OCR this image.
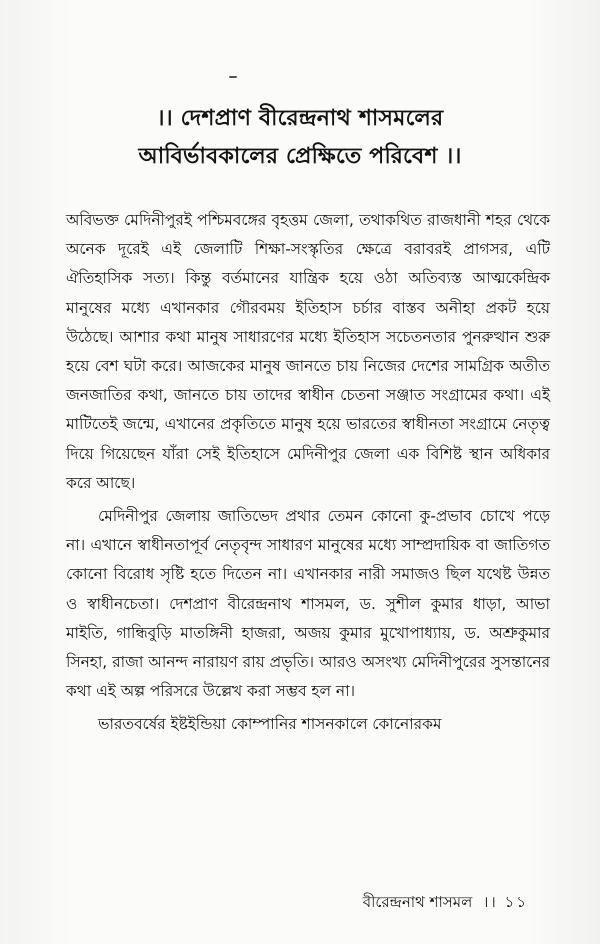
।। দেশপ্রাণ বীরেন্দ্রনাথ শাসমলের
আবির্ভাবকালের প্রেক্ষিতে পরিবেশ ।।

অবিভক্ত মেদিনীপুরই পশ্চিমবঙ্গের বৃহত্তম জেলা, তথাকথিত রাজধানী শহর থেকে অনেক দূরেই এই জেলাটি শিক্ষা-সংস্কৃতির ক্ষেত্রে বরাবরই প্রাগসর, এটি ঐতিহাসিক সত্য। কিন্তু বর্তমানের যান্ত্রিক হয়ে ওঠা অতিব্যস্ত আত্মকেন্দ্রিক মানুষের মধ্যে এখানকার গৌরবময় ইতিহাস চর্চার বাস্তব অনীহা প্রকট হয়ে উঠেছে। আশার কথা মানুষ সাধারণের মধ্যে ইতিহাস সচেতনতার পুনরুত্থান শুরু হয়ে বেশ ঘটা করে। আজকের মানুষ জানতে চায় নিজের দেশের সামগ্রিক অতীত জনজাতির কথা, জানতে চায় তাদের স্বাধীন চেতনা সঞ্জাত সংগ্রামের কথা। এই মাটিতেই জন্মে, এখানের প্রকৃতিতে মানুষ হয়ে ভারতের স্বাধীনতা সংগ্রামে নেতৃত্ব দিয়ে গিয়েছেন যাঁরা সেই ইতিহাসে মেদিনীপুর জেলা এক বিশিষ্ট স্থান অধিকার করে আছে।

মেদিনীপুর জেলায় জাতিভেদ প্রথার তেমন কোনো কু-প্রভাব চোখে পড়ে না। এখানে স্বাধীনতাপূর্ব নেতৃবৃন্দ সাধারণ মানুষের মধ্যে সাম্প্রদায়িক বা জাতিগত কোনো বিরোধ সৃষ্টি হতে দিতেন না। এখানকার নারী সমাজও ছিল যথেষ্ট উন্নত ও স্বাধীনচেতা। দেশপ্রাণ বীরেন্দ্রনাথ শাসমল, ড. সুশীল কুমার ধাড়া, আভা মাইতি, গান্ধিবুড়ি মাতঙ্গিনী হাজরা, অজয় কুমার মুখোপাধ্যায়, ড. অশ্রুকুমার সিনহা, রাজা আনন্দ নারায়ণ রায় প্রভৃতি। আরও অসংখ্য মেদিনীপুরের সুসন্তানের কথা এই অল্প পরিসরে উল্লেখ করা সম্ভব হল না।

ভারতবর্ষের ইষ্টইন্ডিয়া কোম্পানির শাসনকালে কোনোরকম

বীরেন্দ্রনাথ শাসমল ।। ১১
